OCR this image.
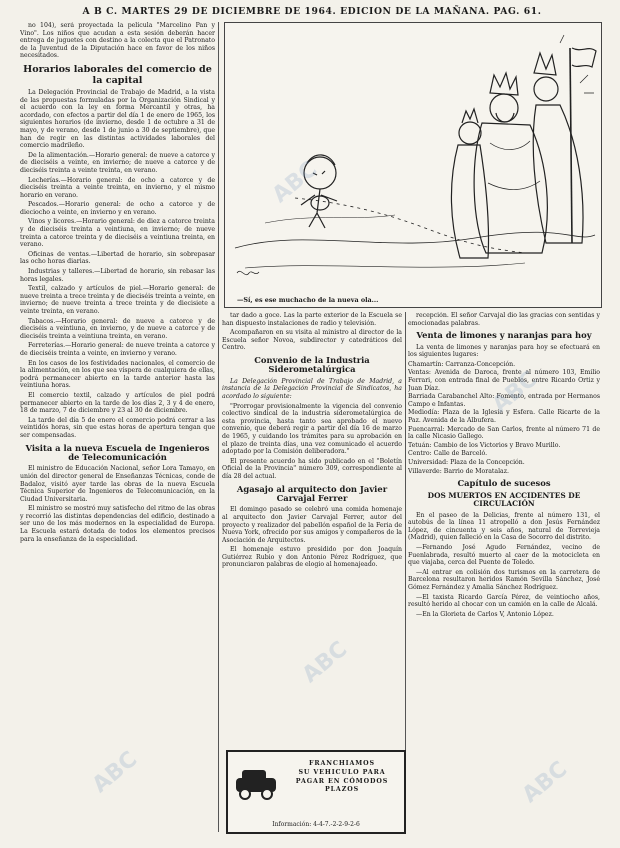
A B C. MARTES 29 DE DICIEMBRE DE 1964. EDICION DE LA MAÑANA. PAG. 61.

no 104), será proyectada la película "Marcelino Pan y Vino". Los niños que acudan a esta sesión deberán hacer entrega de juguetes con destino a la colecta que el Patronato de la Juventud de la Diputación hace en favor de los niños necesitados.

Horarios laborales del comercio de la capital

La Delegación Provincial de Trabajo de Madrid, a la vista de las propuestas formuladas por la Organización Sindical y el acuerdo con la ley en forma Mercantil y otras, ha acordado, con efectos a partir del día 1 de enero de 1965, los siguientes horarios (de invierno, desde 1 de octubre a 31 de mayo, y de verano, desde 1 de junio a 30 de septiembre), que han de regir en las distintas actividades laborales del comercio madrileño.

De la alimentación.—Horario general: de nueve a catorce y de dieciséis a veinte, en invierno; de nueve a catorce y de dieciséis treinta a veinte treinta, en verano.

Lecherías.—Horario general: de ocho a catorce y de dieciséis treinta a veinte treinta, en invierno, y el mismo horario en verano.

Pescados.—Horario general: de ocho a catorce y de dieciocho a veinte, en invierno y en verano.

Vinos y licores.—Horario general: de diez a catorce treinta y de dieciséis treinta a veintiuna, en invierno; de nueve treinta a catorce treinta y de dieciséis a veintiuna treinta, en verano.

Oficinas de ventas.—Libertad de horario, sin sobrepasar las ocho horas diarias.

Industrias y talleres.—Libertad de horario, sin rebasar las horas legales.

Textil, calzado y artículos de piel.—Horario general: de nueve treinta a trece treinta y de dieciséis treinta a veinte, en invierno; de nueve treinta a trece treinta y de diecisiete a veinte treinta, en verano.

Tabacos.—Horario general: de nueve a catorce y de dieciséis a veintiuna, en invierno, y de nueve a catorce y de dieciséis treinta a veintiuna treinta, en verano.

Ferreterías.—Horario general: de nueve treinta a catorce y de dieciséis treinta a veinte, en invierno y verano.

En los casos de los festividades nacionales, el comercio de la alimentación, en los que sea víspera de cualquiera de ellas, podrá permanecer abierto en la tarde anterior hasta las veintiuna horas.

El comercio textil, calzado y artículos de piel podrá permanecer abierto en la tarde de los días 2, 3 y 4 de enero, 18 de marzo, 7 de diciembre y 23 al 30 de diciembre.

La tarde del día 5 de enero el comercio podrá cerrar a las veintidós horas, sin que estas horas de apertura tengan que ser compensadas.

Visita a la nueva Escuela de Ingenieros de Telecomunicación

El ministro de Educación Nacional, señor Lora Tamayo, en unión del director general de Enseñanzas Técnicas, conde de Badaloz, visitó ayer tarde las obras de la nueva Escuela Técnica Superior de Ingenieros de Telecomunicación, en la Ciudad Universitaria.

El ministro se mostró muy satisfecho del ritmo de las obras y recorrió las distintas dependencias del edificio, destinado a ser uno de los más modernos en la especialidad de Europa. La Escuela estará dotada de todos los elementos precisos para la enseñanza de la especialidad.

—Sí, es ese muchacho de la nueva ola...

tar dado a goce. Las la parte exterior de la Escuela se han dispuesto instalaciones de radio y televisión.

Acompañaron en su visita al ministro al director de la Escuela señor Novoa, subdirector y catedráticos del Centro.

Convenio de la Industria Siderometalúrgica

La Delegación Provincial de Trabajo de Madrid, a instancia de la Delegación Provincial de Sindicatos, ha acordado lo siguiente:

"Prorrogar provisionalmente la vigencia del convenio colectivo sindical de la industria siderometalúrgica de esta provincia, hasta tanto sea aprobado el nuevo convenio, que deberá regir a partir del día 16 de marzo de 1965, y cuidando los trámites para su aprobación en el plazo de treinta días, una vez comunicado el acuerdo adoptado por la Comisión deliberadora."

El presente acuerdo ha sido publicado en el "Boletín Oficial de la Provincia" número 309, correspondiente al día 28 del actual.

Agasajo al arquitecto don Javier Carvajal Ferrer

El domingo pasado se celebró una comida homenaje al arquitecto don Javier Carvajal Ferrer, autor del proyecto y realizador del pabellón español de la Feria de Nueva York, ofrecido por sus amigos y compañeros de la Asociación de Arquitectos.

El homenaje estuvo presidido por don Joaquín Gutiérrez Rubio y don Antonio Pérez Rodríguez, que pronunciaron palabras de elogio al homenajeado.

FRANCHIAMOS
SU VEHICULO PARA
PAGAR EN CÓMODOS
PLAZOS
Información: 4-4-7.-2-2-9-2-6

recepción. El señor Carvajal dio las gracias con sentidas y emocionadas palabras.

Venta de limones y naranjas para hoy

La venta de limones y naranjas para hoy se efectuará en los siguientes lugares:

Chamartín: Carranza-Concepción.

Ventas: Avenida de Daroca, frente al número 103, Emilio Ferrari, con entrada final de Pueblos, entre Ricardo Ortiz y Juan Díaz.

Barriada Carabanchel Alto: Fomento, entrada por Hermanos Campo e Infantas.

Mediodía: Plaza de la Iglesia y Esfera. Calle Ricarte de la Paz. Avenida de la Albufera.

Fuencarral: Mercado de San Carlos, frente al número 71 de la calle Nicasio Gallego.

Tetuán: Cambio de los Victorios y Bravo Murillo.

Centro: Calle de Barceló.

Universidad: Plaza de la Concepción.

Villaverde: Barrio de Moratalaz.

Capítulo de sucesos
DOS MUERTOS EN ACCIDENTES DE CIRCULACIÓN

En el paseo de la Delicias, frente al número 131, el autobús de la línea 11 atropelló a don Jesús Fernández López, de cincuenta y seis años, natural de Torrevieja (Madrid), quien falleció en la Casa de Socorro del distrito.

—Fernando José Agudo Fernández, vecino de Fuenlabrada, resultó muerto al caer de la motocicleta en que viajaba, cerca del Puente de Toledo.

—Al entrar en colisión dos turismos en la carretera de Barcelona resultaron heridos Ramón Sevilla Sánchez, José Gómez Fernández y Amalia Sánchez Rodríguez.

—El taxista Ricardo García Pérez, de veintiocho años, resultó herido al chocar con un camión en la calle de Alcalá.

—En la Glorieta de Carlos V, Antonio López.

ABC
ABC
ABC
ABC
ABC
